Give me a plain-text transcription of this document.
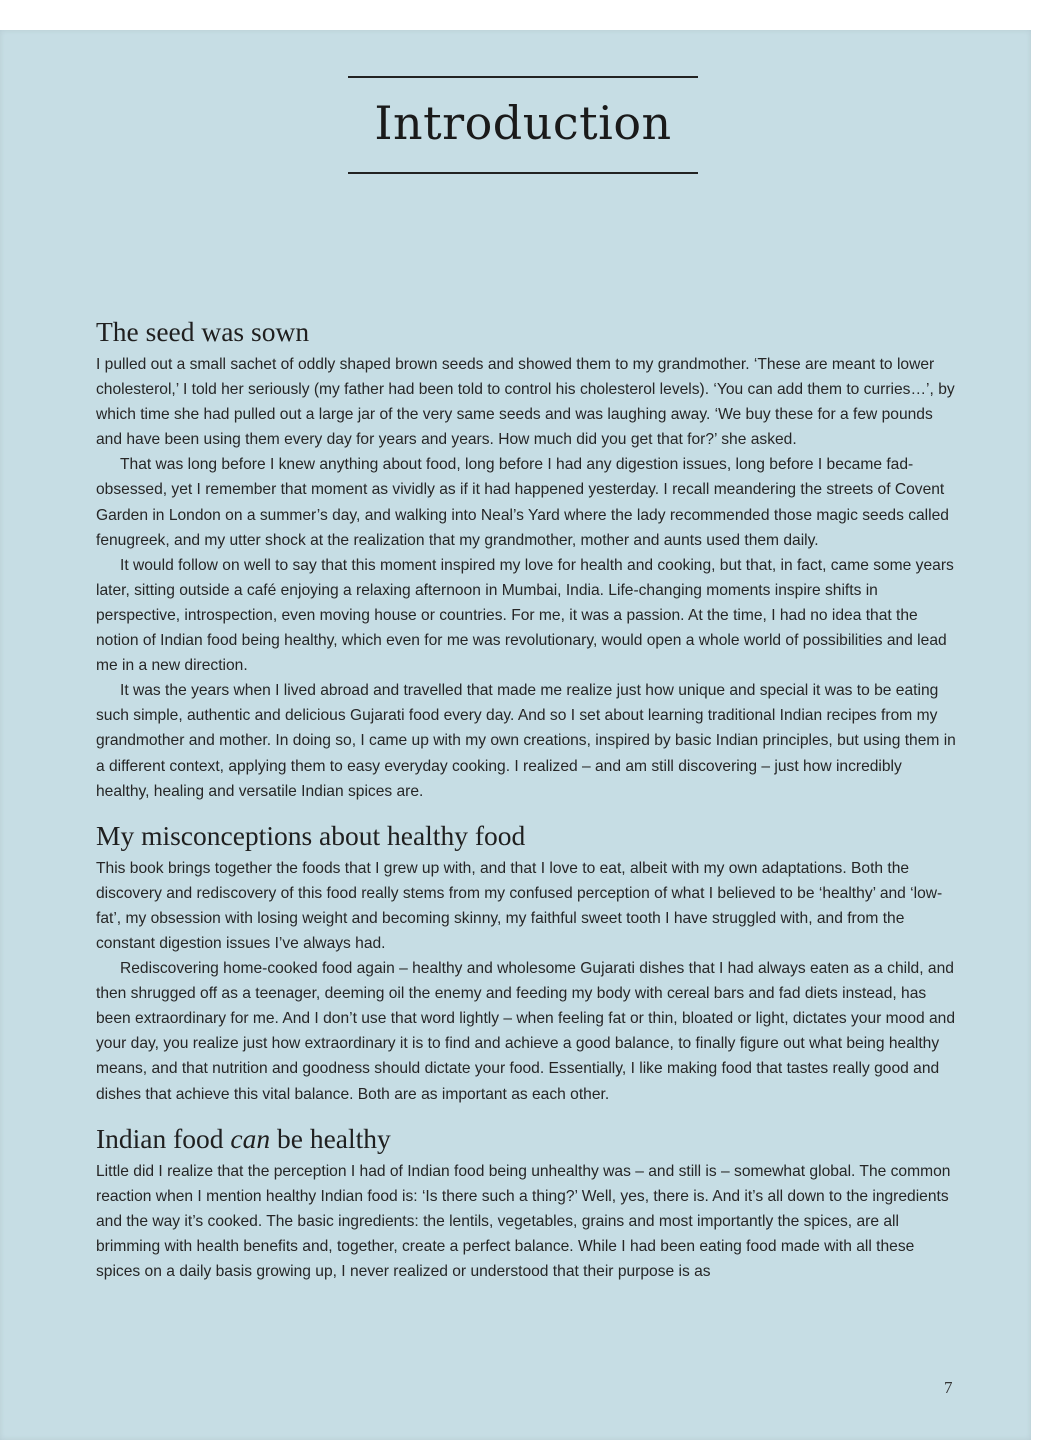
Introduction
The seed was sown

I pulled out a small sachet of oddly shaped brown seeds and showed them to my grandmother. ‘These are meant to lower cholesterol,’ I told her seriously (my father had been told to control his cholesterol levels). ‘You can add them to curries…’, by which time she had pulled out a large jar of the very same seeds and was laughing away. ‘We buy these for a few pounds and have been using them every day for years and years. How much did you get that for?’ she asked.

That was long before I knew anything about food, long before I had any digestion issues, long before I became fad-obsessed, yet I remember that moment as vividly as if it had happened yesterday. I recall meandering the streets of Covent Garden in London on a summer’s day, and walking into Neal’s Yard where the lady recommended those magic seeds called fenugreek, and my utter shock at the realization that my grandmother, mother and aunts used them daily.

It would follow on well to say that this moment inspired my love for health and cooking, but that, in fact, came some years later, sitting outside a café enjoying a relaxing afternoon in Mumbai, India. Life-changing moments inspire shifts in perspective, introspection, even moving house or countries. For me, it was a passion. At the time, I had no idea that the notion of Indian food being healthy, which even for me was revolutionary, would open a whole world of possibilities and lead me in a new direction.

It was the years when I lived abroad and travelled that made me realize just how unique and special it was to be eating such simple, authentic and delicious Gujarati food every day. And so I set about learning traditional Indian recipes from my grandmother and mother. In doing so, I came up with my own creations, inspired by basic Indian principles, but using them in a different context, applying them to easy everyday cooking. I realized – and am still discovering – just how incredibly healthy, healing and versatile Indian spices are.

My misconceptions about healthy food

This book brings together the foods that I grew up with, and that I love to eat, albeit with my own adaptations. Both the discovery and rediscovery of this food really stems from my confused perception of what I believed to be ‘healthy’ and ‘low-fat’, my obsession with losing weight and becoming skinny, my faithful sweet tooth I have struggled with, and from the constant digestion issues I’ve always had.

Rediscovering home-cooked food again – healthy and wholesome Gujarati dishes that I had always eaten as a child, and then shrugged off as a teenager, deeming oil the enemy and feeding my body with cereal bars and fad diets instead, has been extraordinary for me. And I don’t use that word lightly – when feeling fat or thin, bloated or light, dictates your mood and your day, you realize just how extraordinary it is to find and achieve a good balance, to finally figure out what being healthy means, and that nutrition and goodness should dictate your food. Essentially, I like making food that tastes really good and dishes that achieve this vital balance. Both are as important as each other.

Indian food can be healthy

Little did I realize that the perception I had of Indian food being unhealthy was – and still is – somewhat global. The common reaction when I mention healthy Indian food is: ‘Is there such a thing?’ Well, yes, there is. And it’s all down to the ingredients and the way it’s cooked. The basic ingredients: the lentils, vegetables, grains and most importantly the spices, are all brimming with health benefits and, together, create a perfect balance. While I had been eating food made with all these spices on a daily basis growing up, I never realized or understood that their purpose is as

7
